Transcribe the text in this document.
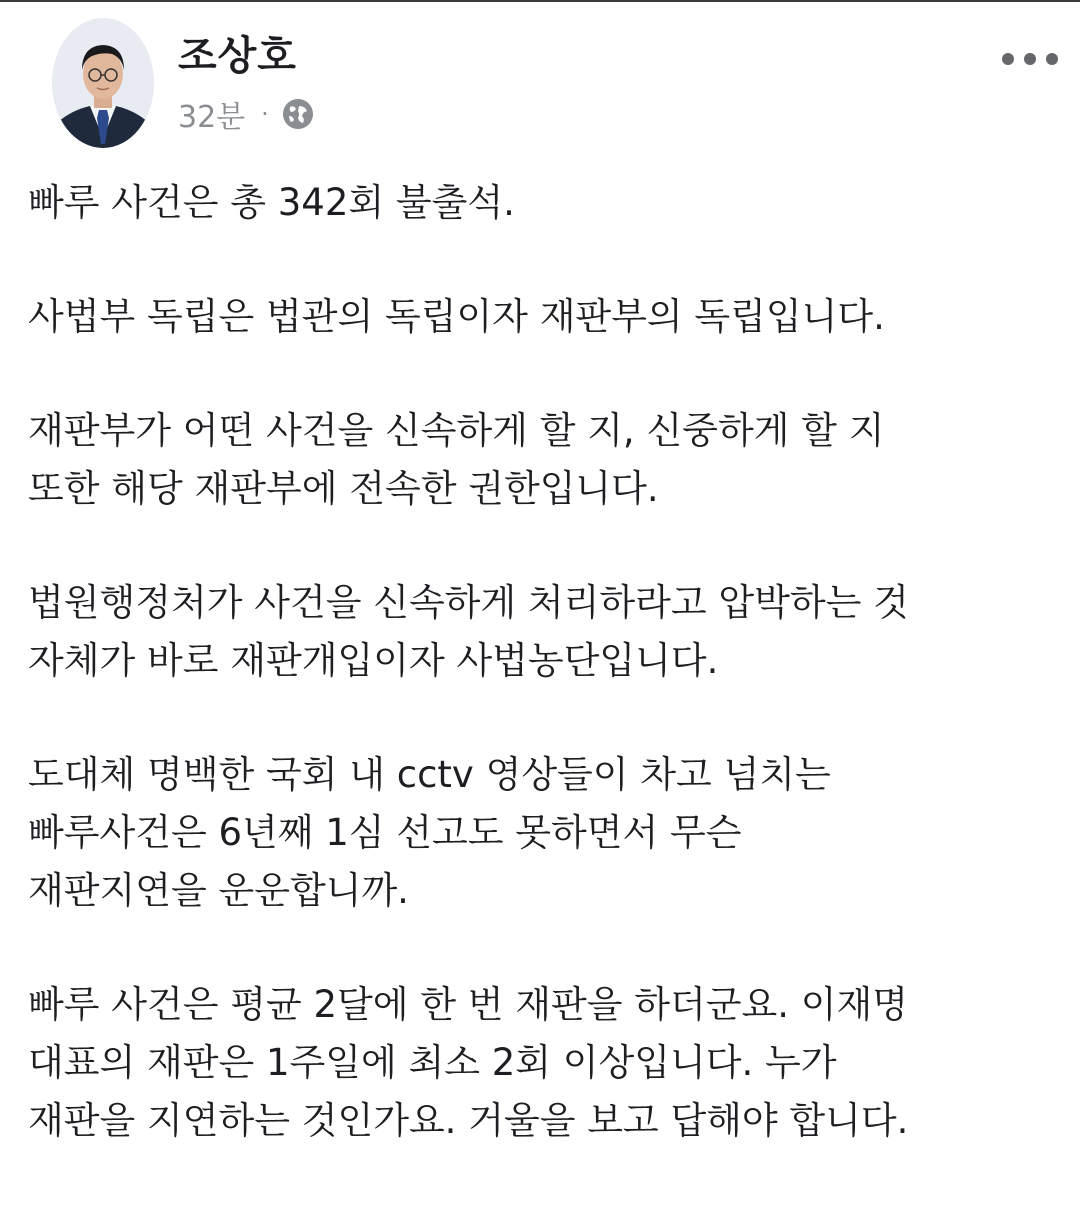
조상호
32분 ·

빠루 사건은 총 342회 불출석.

사법부 독립은 법관의 독립이자 재판부의 독립입니다.

재판부가 어떤 사건을 신속하게 할 지, 신중하게 할 지
또한 해당 재판부에 전속한 권한입니다.

법원행정처가 사건을 신속하게 처리하라고 압박하는 것
자체가 바로 재판개입이자 사법농단입니다.

도대체 명백한 국회 내 cctv 영상들이 차고 넘치는
빠루사건은 6년째 1심 선고도 못하면서 무슨
재판지연을 운운합니까.

빠루 사건은 평균 2달에 한 번 재판을 하더군요. 이재명
대표의 재판은 1주일에 최소 2회 이상입니다. 누가
재판을 지연하는 것인가요. 거울을 보고 답해야 합니다.
